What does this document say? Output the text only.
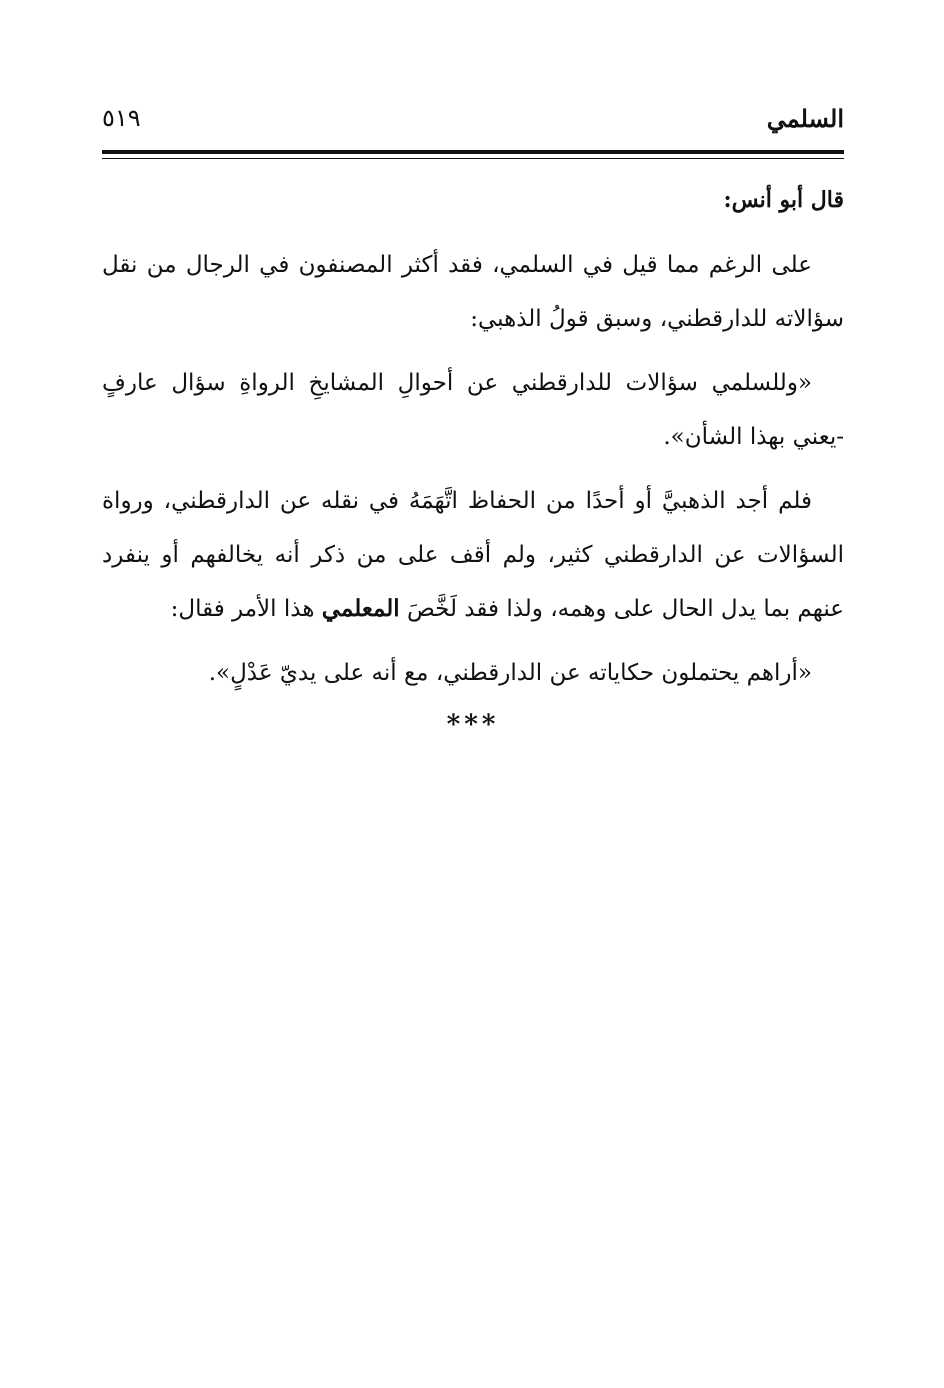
السلمي
٥١٩
قال أبو أنس:

على الرغم مما قيل في السلمي، فقد أكثر المصنفون في الرجال من نقل سؤالاته للدارقطني، وسبق قولُ الذهبي:

«وللسلمي سؤالات للدارقطني عن أحوالِ المشايخِ الرواةِ سؤال عارفٍ -يعني بهذا الشأن».

فلم أجد الذهبيَّ أو أحدًا من الحفاظ اتَّهَمَهُ في نقله عن الدارقطني، ورواة السؤالات عن الدارقطني كثير، ولم أقف على من ذكر أنه يخالفهم أو ينفرد عنهم بما يدل الحال على وهمه، ولذا فقد لَخَّصَ المعلمي هذا الأمر فقال:

«أراهم يحتملون حكاياته عن الدارقطني، مع أنه على يديّ عَدْلٍ».

***
